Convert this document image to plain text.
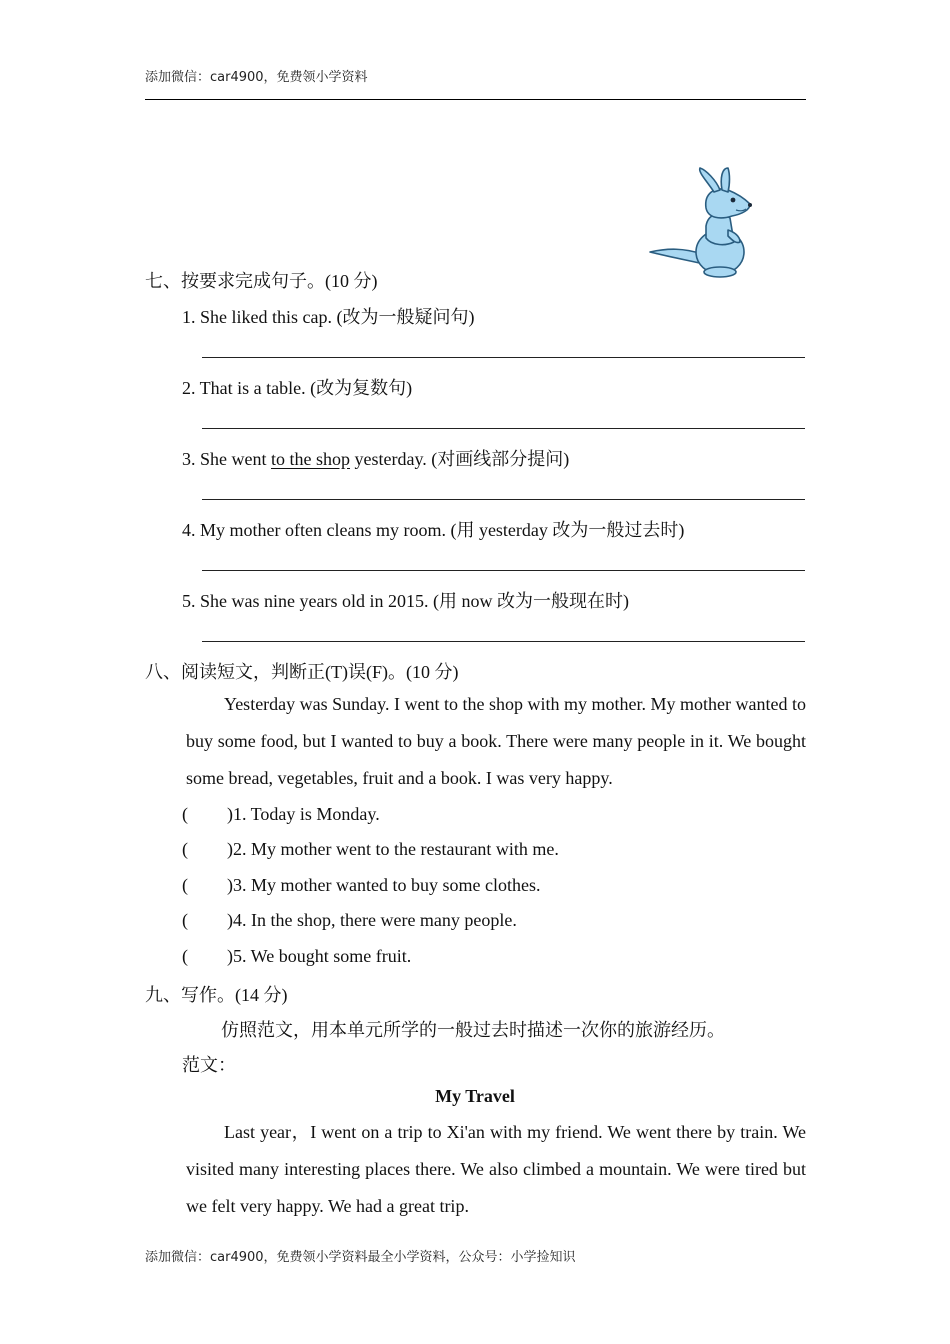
添加微信：car4900，免费领小学资料
七、按要求完成句子。(10 分)
1. She liked this cap. (改为一般疑问句)
2. That is a table. (改为复数句)
3. She went to the shop yesterday. (对画线部分提问)
4. My mother often cleans my room. (用 yesterday 改为一般过去时)
5. She was nine years old in 2015. (用 now 改为一般现在时)
八、阅读短文，判断正(T)误(F)。(10 分)
Yesterday was Sunday. I went to the shop with my mother. My mother wanted to buy some food, but I wanted to buy a book. There were many people in it. We bought some bread, vegetables, fruit and a book. I was very happy.
( )1. Today is Monday.
( )2. My mother went to the restaurant with me.
( )3. My mother wanted to buy some clothes.
( )4. In the shop, there were many people.
( )5. We bought some fruit.
九、写作。(14 分)
仿照范文，用本单元所学的一般过去时描述一次你的旅游经历。
范文：
My Travel
Last year，I went on a trip to Xi'an with my friend. We went there by train. We visited many interesting places there. We also climbed a mountain. We were tired but we felt very happy. We had a great trip.
添加微信：car4900，免费领小学资料最全小学资料，公众号：小学捡知识
